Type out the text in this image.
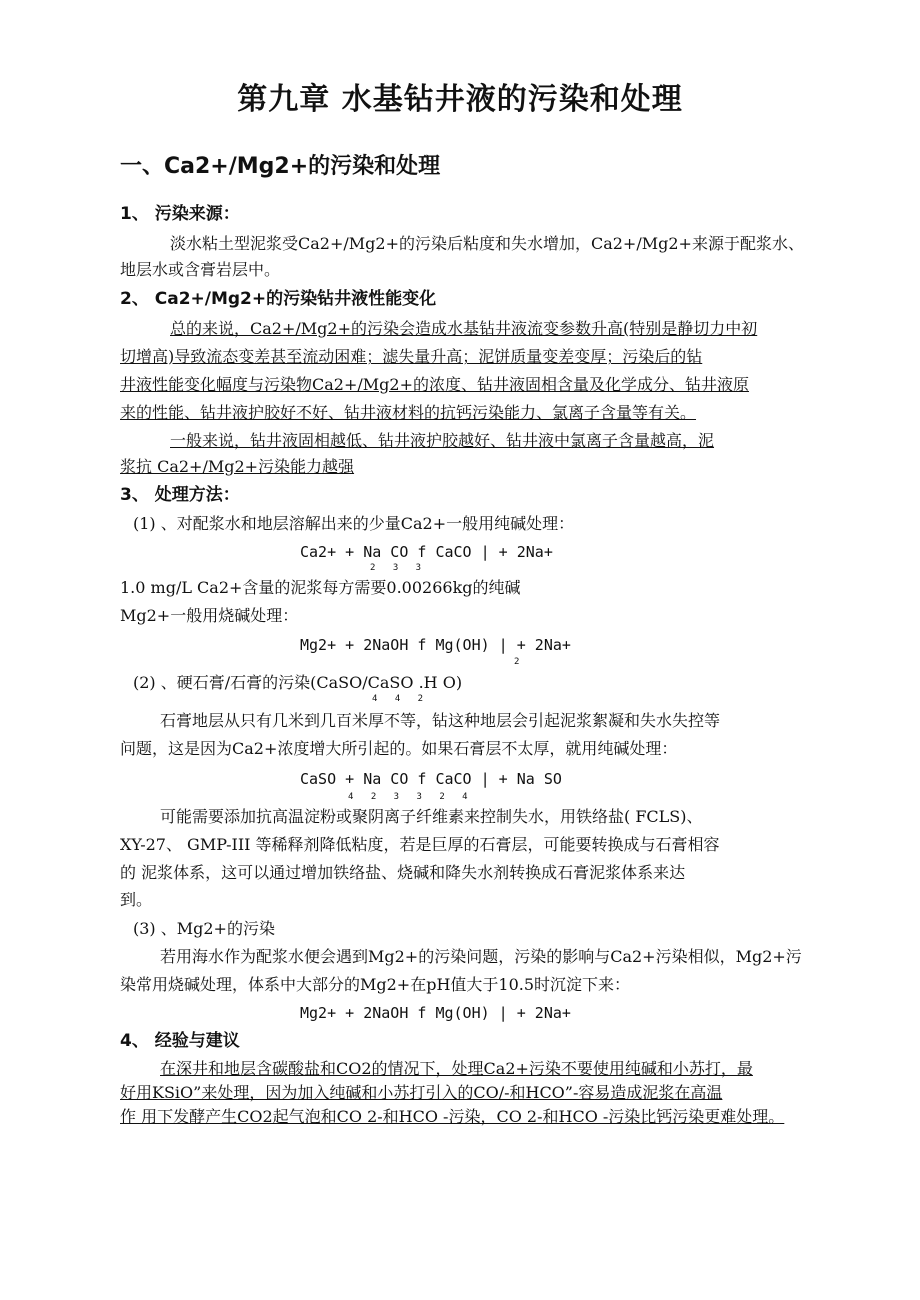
第九章 水基钻井液的污染和处理
一、Ca2+/Mg2+的污染和处理
1、 污染来源：
淡水粘土型泥浆受Ca2+/Mg2+的污染后粘度和失水增加，Ca2+/Mg2+来源于配浆水、
地层水或含膏岩层中。
2、 Ca2+/Mg2+的污染钻井液性能变化
总的来说，Ca2+/Mg2+的污染会造成水基钻井液流变参数升高(特别是静切力中初
切增高)导致流态变差甚至流动困难；滤失量升高；泥饼质量变差变厚；污染后的钻
井液性能变化幅度与污染物Ca2+/Mg2+的浓度、钻井液固相含量及化学成分、钻井液原
来的性能、钻井液护胶好不好、钻井液材料的抗钙污染能力、氯离子含量等有关。
一般来说，钻井液固相越低、钻井液护胶越好、钻井液中氯离子含量越高，泥
浆抗 Ca2+/Mg2+污染能力越强
3、 处理方法：
(1) 、对配浆水和地层溶解出来的少量Ca2+一般用纯碱处理：
Ca2+ + Na CO f CaCO | + 2Na+
2 3 3
1.0 mg/L Ca2+含量的泥浆每方需要0.00266kg的纯碱
Mg2+一般用烧碱处理：
Mg2+ + 2NaOH f Mg(OH) | + 2Na+
2
(2) 、硬石膏/石膏的污染(CaSO/CaSO .H O)
4 4 2
石膏地层从只有几米到几百米厚不等，钻这种地层会引起泥浆絮凝和失水失控等
问题，这是因为Ca2+浓度增大所引起的。如果石膏层不太厚，就用纯碱处理：
CaSO + Na CO f CaCO | + Na SO
4 2 3 3 2 4
可能需要添加抗高温淀粉或聚阴离子纤维素来控制失水，用铁络盐( FCLS)、
XY-27、 GMP-III 等稀释剂降低粘度，若是巨厚的石膏层，可能要转换成与石膏相容
的 泥浆体系，这可以通过增加铁络盐、烧碱和降失水剂转换成石膏泥浆体系来达
到。
(3) 、Mg2+的污染
若用海水作为配浆水便会遇到Mg2+的污染问题，污染的影响与Ca2+污染相似，Mg2+污
染常用烧碱处理，体系中大部分的Mg2+在pH值大于10.5时沉淀下来：
Mg2+ + 2NaOH f Mg(OH) | + 2Na+
4、 经验与建议
在深井和地层含碳酸盐和CO2的情况下，处理Ca2+污染不要使用纯碱和小苏打，最
好用KSiO”来处理，因为加入纯碱和小苏打引入的CO/-和HCO”-容易造成泥浆在高温
作 用下发酵产生CO2起气泡和CO 2-和HCO -污染，CO 2-和HCO -污染比钙污染更难处理。
